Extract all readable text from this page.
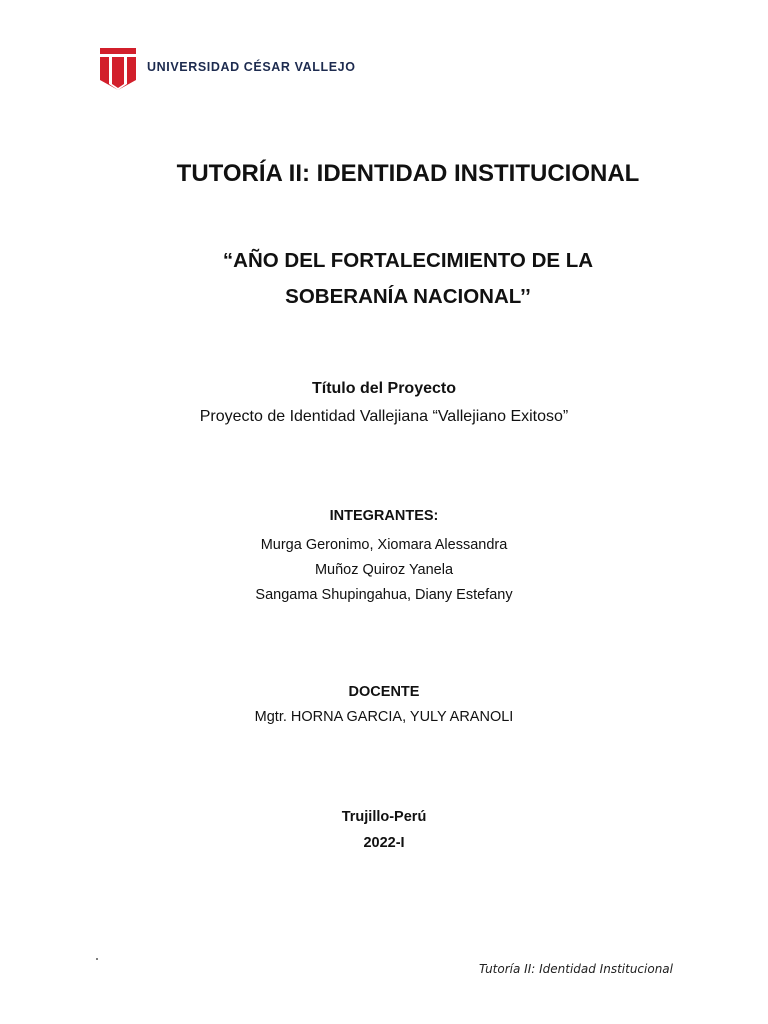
UNIVERSIDAD CÉSAR VALLEJO
TUTORÍA II: IDENTIDAD INSTITUCIONAL
“AÑO DEL FORTALECIMIENTO DE LA
SOBERANÍA NACIONAL’’
Título del Proyecto
Proyecto de Identidad Vallejiana “Vallejiano Exitoso”
INTEGRANTES:
Murga Geronimo, Xiomara Alessandra
Muñoz Quiroz Yanela
Sangama Shupingahua, Diany Estefany
DOCENTE
Mgtr. HORNA GARCIA, YULY ARANOLI
Trujillo-Perú
2022-I
Tutoría II: Identidad Institucional
